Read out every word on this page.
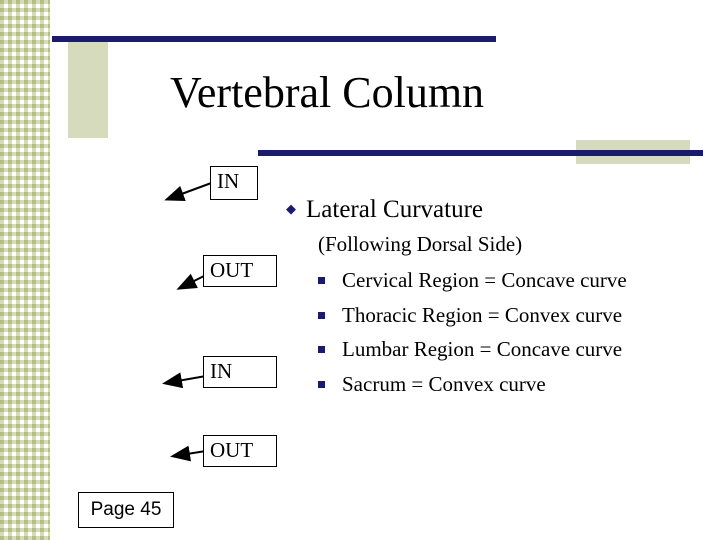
Vertebral Column
IN
OUT
IN
OUT
Page 45
◆ Lateral Curvature
(Following Dorsal Side)
Cervical Region = Concave curve
Thoracic Region = Convex curve
Lumbar Region = Concave curve
Sacrum = Convex curve
